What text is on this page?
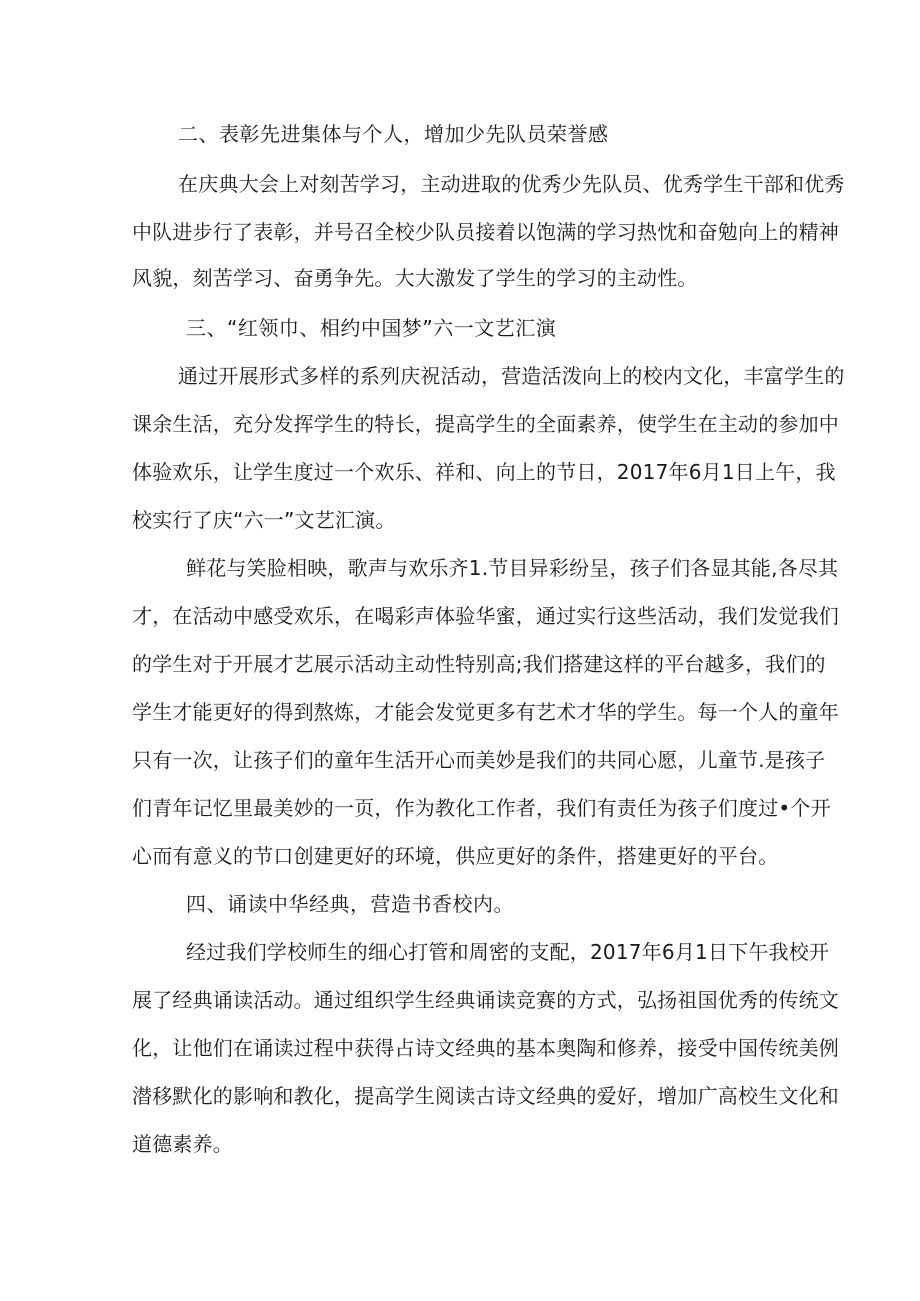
二、表彰先进集体与个人，增加少先队员荣誉感

在庆典大会上对刻苦学习，主动进取的优秀少先队员、优秀学生干部和优秀

中队进步行了表彰，并号召全校少队员接着以饱满的学习热忱和奋勉向上的精神

风貌，刻苦学习、奋勇争先。大大激发了学生的学习的主动性。

三、“红领巾、相约中国梦”六一文艺汇演

通过开展形式多样的系列庆祝活动，营造活泼向上的校内文化，丰富学生的

课余生活，充分发挥学生的特长，提高学生的全面素养，使学生在主动的参加中

体验欢乐，让学生度过一个欢乐、祥和、向上的节日，2017年6月1日上午，我

校实行了庆“六一”文艺汇演。

鲜花与笑脸相映，歌声与欢乐齐1.节目异彩纷呈，孩子们各显其能,各尽其

才，在活动中感受欢乐，在喝彩声体验华蜜，通过实行这些活动，我们发觉我们

的学生对于开展才艺展示活动主动性特别高;我们搭建这样的平台越多，我们的

学生才能更好的得到熬炼，才能会发觉更多有艺术才华的学生。每一个人的童年

只有一次，让孩子们的童年生活开心而美妙是我们的共同心愿，儿童节.是孩子

们青年记忆里最美妙的一页，作为教化工作者，我们有责任为孩子们度过•个开

心而有意义的节口创建更好的环境，供应更好的条件，搭建更好的平台。

四、诵读中华经典，营造书香校内。

经过我们学校师生的细心打管和周密的支配，2017年6月1日下午我校开

展了经典诵读活动。通过组织学生经典诵读竞赛的方式，弘扬祖国优秀的传统文

化，让他们在诵读过程中获得占诗文经典的基本奥陶和修养，接受中国传统美例

潜移默化的影响和教化，提高学生阅读古诗文经典的爱好，增加广高校生文化和

道德素养。
